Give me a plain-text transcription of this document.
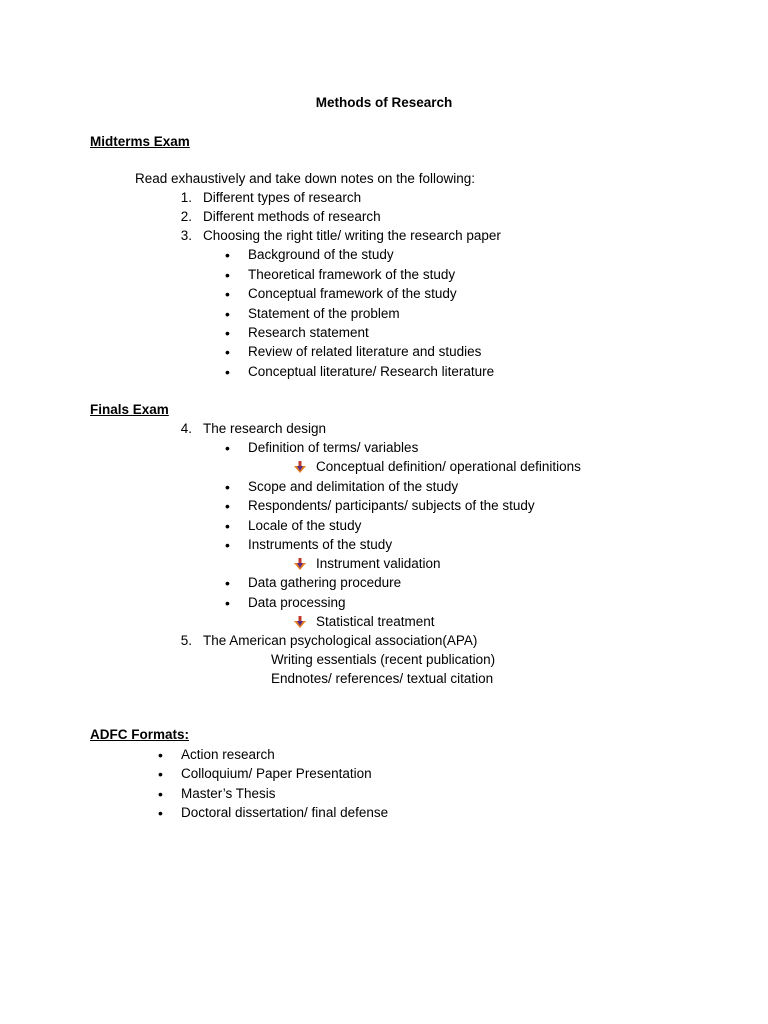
Methods of Research
Midterms Exam
Read exhaustively and take down notes on the following:
1. Different types of research
2. Different methods of research
3. Choosing the right title/ writing the research paper
• Background of the study
• Theoretical framework of the study
• Conceptual framework of the study
• Statement of the problem
• Research statement
• Review of related literature and studies
• Conceptual literature/ Research literature
Finals Exam
4. The research design
• Definition of terms/ variables
Conceptual definition/ operational definitions
• Scope and delimitation of the study
• Respondents/ participants/ subjects of the study
• Locale of the study
• Instruments of the study
Instrument validation
• Data gathering procedure
• Data processing
Statistical treatment
5. The American psychological association(APA)
Writing essentials (recent publication)
Endnotes/ references/ textual citation
ADFC Formats:
• Action research
• Colloquium/ Paper Presentation
• Master’s Thesis
• Doctoral dissertation/ final defense
